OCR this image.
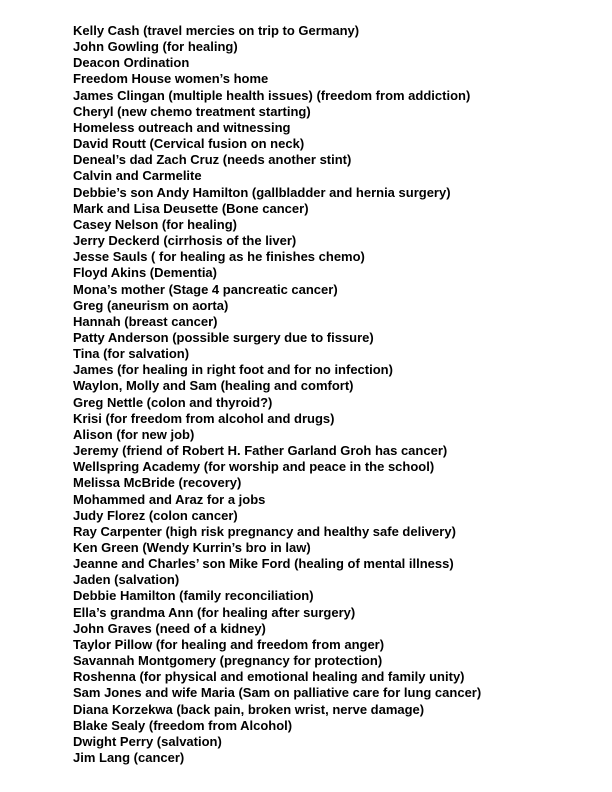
Kelly Cash (travel mercies on trip to Germany)
John Gowling (for healing)
Deacon Ordination
Freedom House women’s home
James Clingan (multiple health issues) (freedom from addiction)
Cheryl (new chemo treatment starting)
Homeless outreach and witnessing
David Routt (Cervical fusion on neck)
Deneal’s dad Zach Cruz (needs another stint)
Calvin and Carmelite
Debbie’s son Andy Hamilton (gallbladder and hernia surgery)
Mark and Lisa Deusette (Bone cancer)
Casey Nelson (for healing)
Jerry Deckerd (cirrhosis of the liver)
Jesse Sauls ( for healing as he finishes chemo)
Floyd Akins (Dementia)
Mona’s mother (Stage 4 pancreatic cancer)
Greg (aneurism on aorta)
Hannah (breast cancer)
Patty Anderson (possible surgery due to fissure)
Tina (for salvation)
James (for healing in right foot and for no infection)
Waylon, Molly and Sam (healing and comfort)
Greg Nettle (colon and thyroid?)
Krisi (for freedom from alcohol and drugs)
Alison (for new job)
Jeremy (friend of Robert H. Father Garland Groh has cancer)
Wellspring Academy (for worship and peace in the school)
Melissa McBride (recovery)
Mohammed and Araz for a jobs
Judy Florez (colon cancer)
Ray Carpenter (high risk pregnancy and healthy safe delivery)
Ken Green (Wendy Kurrin’s bro in law)
Jeanne and Charles’ son Mike Ford (healing of mental illness)
Jaden (salvation)
Debbie Hamilton (family reconciliation)
Ella’s grandma Ann (for healing after surgery)
John Graves (need of a kidney)
Taylor Pillow (for healing and freedom from anger)
Savannah Montgomery (pregnancy for protection)
Roshenna (for physical and emotional healing and family unity)
Sam Jones and wife Maria (Sam on palliative care for lung cancer)
Diana Korzekwa (back pain, broken wrist, nerve damage)
Blake Sealy (freedom from Alcohol)
Dwight Perry (salvation)
Jim Lang (cancer)
